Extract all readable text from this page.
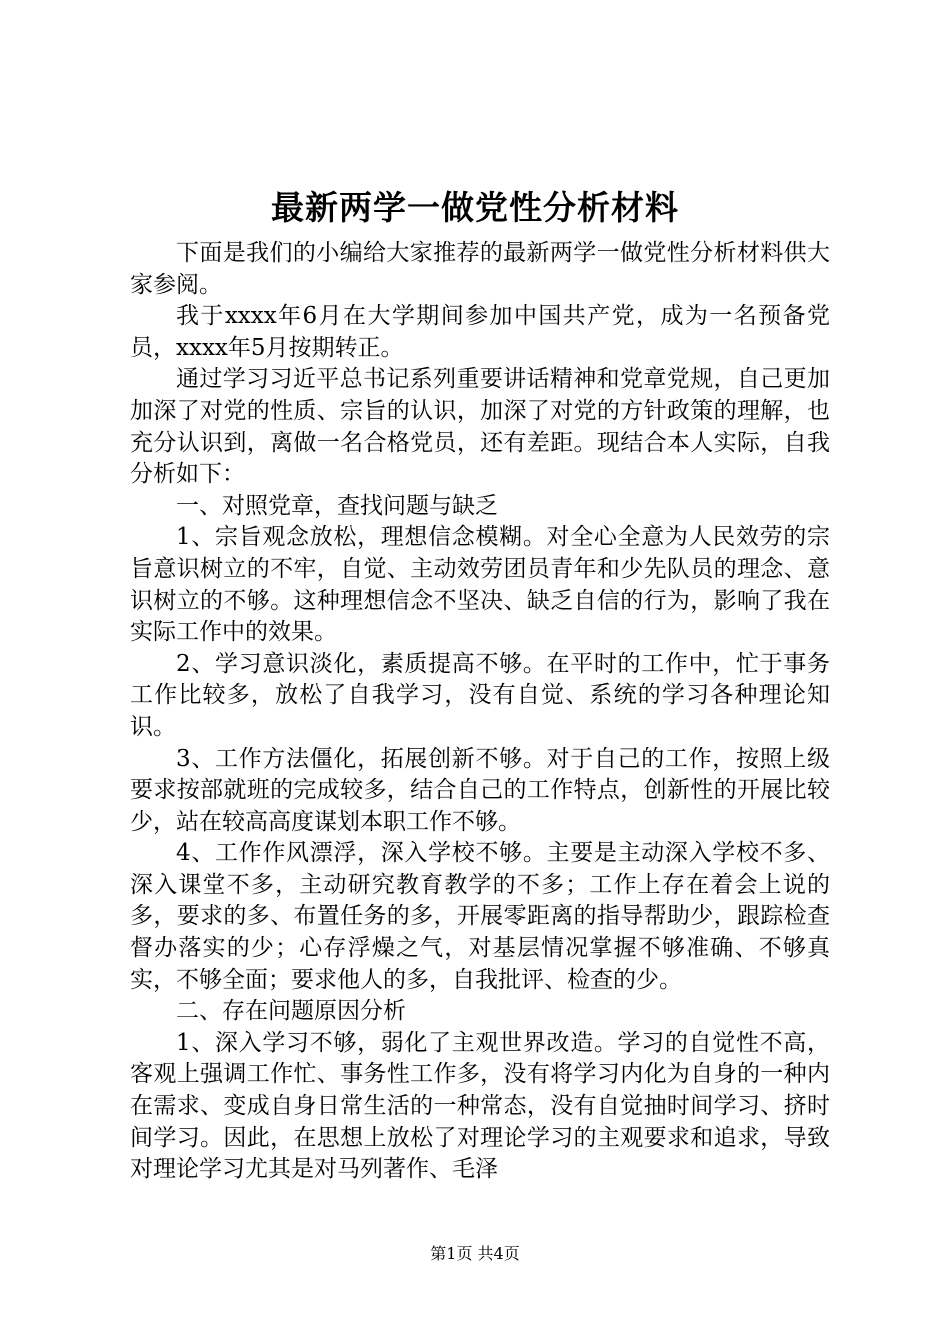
最新两学一做党性分析材料

下面是我们的小编给大家推荐的最新两学一做党性分析材料供大家参阅。

我于xxxx年6月在大学期间参加中国共产党，成为一名预备党员，xxxx年5月按期转正。

通过学习习近平总书记系列重要讲话精神和党章党规，自己更加加深了对党的性质、宗旨的认识，加深了对党的方针政策的理解，也充分认识到，离做一名合格党员，还有差距。现结合本人实际，自我分析如下：

一、对照党章，查找问题与缺乏

1、宗旨观念放松，理想信念模糊。对全心全意为人民效劳的宗旨意识树立的不牢，自觉、主动效劳团员青年和少先队员的理念、意识树立的不够。这种理想信念不坚决、缺乏自信的行为，影响了我在实际工作中的效果。

2、学习意识淡化，素质提高不够。在平时的工作中，忙于事务工作比较多，放松了自我学习，没有自觉、系统的学习各种理论知识。

3、工作方法僵化，拓展创新不够。对于自己的工作，按照上级要求按部就班的完成较多，结合自己的工作特点，创新性的开展比较少，站在较高高度谋划本职工作不够。

4、工作作风漂浮，深入学校不够。主要是主动深入学校不多、深入课堂不多，主动研究教育教学的不多；工作上存在着会上说的多，要求的多、布置任务的多，开展零距离的指导帮助少，跟踪检查督办落实的少；心存浮燥之气，对基层情况掌握不够准确、不够真实，不够全面；要求他人的多，自我批评、检查的少。

二、存在问题原因分析

1、深入学习不够，弱化了主观世界改造。学习的自觉性不高，客观上强调工作忙、事务性工作多，没有将学习内化为自身的一种内在需求、变成自身日常生活的一种常态，没有自觉抽时间学习、挤时间学习。因此，在思想上放松了对理论学习的主观要求和追求，导致对理论学习尤其是对马列著作、毛泽

第1页 共4页
